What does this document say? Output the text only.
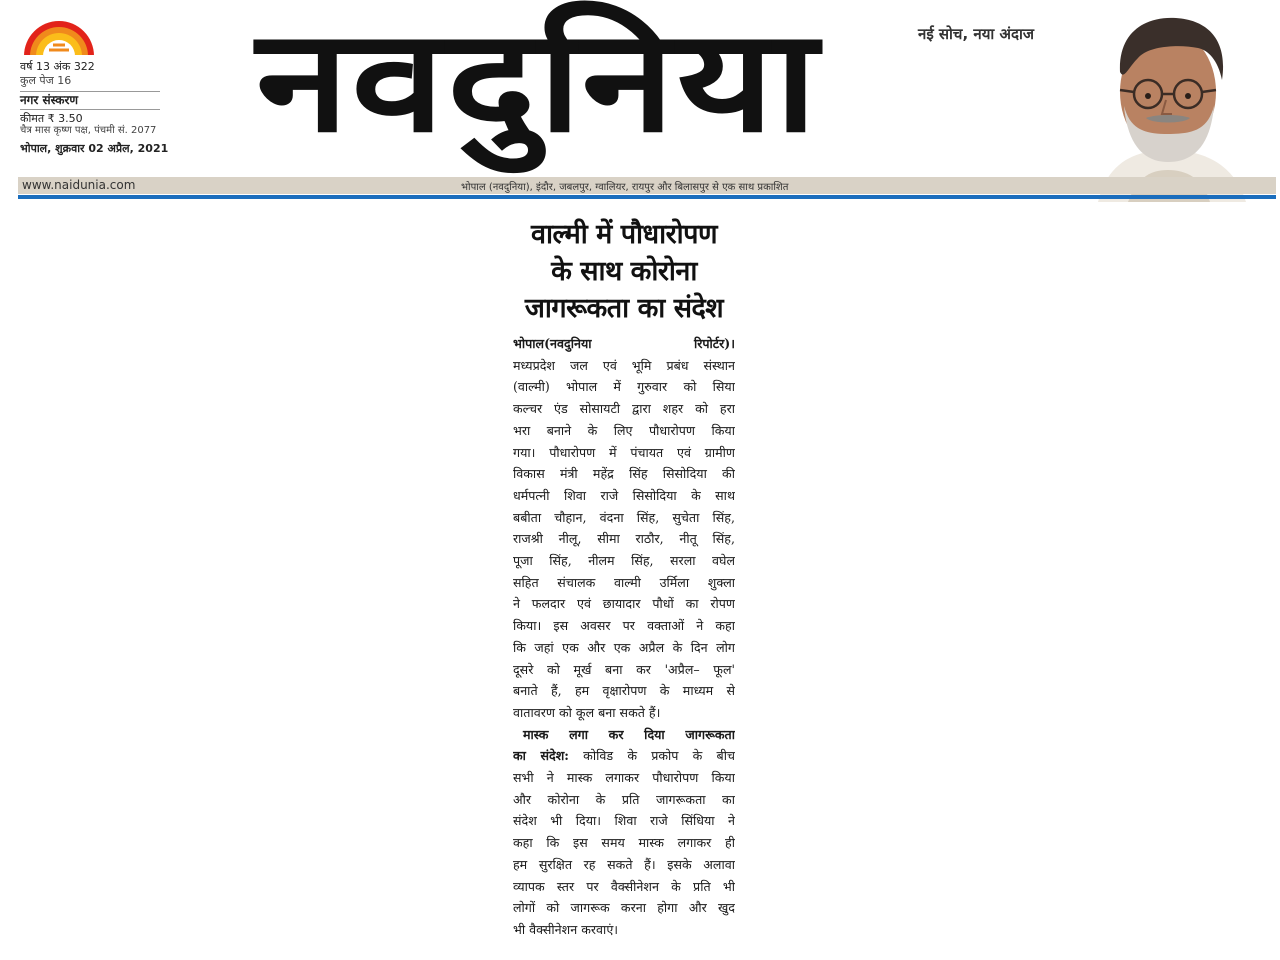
वर्ष 13 अंक 322
कुल पेज 16
नगर संस्करण
कीमत ₹ 3.50
चैत्र मास कृष्ण पक्ष, पंचमी सं. 2077
भोपाल, शुक्रवार 02 अप्रैल, 2021 नवदुनिया	नई सोच, नया अंदाज
www.naidunia.com	भोपाल (नवदुनिया), इंदौर, जबलपुर, ग्वालियर, रायपुर और बिलासपुर से एक साथ प्रकाशित
वाल्मी में पौधारोपण
के साथ कोरोना
जागरूकता का संदेश
भोपाल(नवदुनिया रिपोर्टर)।
मध्यप्रदेश जल एवं भूमि प्रबंध संस्थान
(वाल्मी) भोपाल में गुरुवार को सिया
कल्चर एंड सोसायटी द्वारा शहर को हरा
भरा बनाने के लिए पौधारोपण किया
गया। पौधारोपण में पंचायत एवं ग्रामीण
विकास मंत्री महेंद्र सिंह सिसोदिया की
धर्मपत्नी शिवा राजे सिसोदिया के साथ
बबीता चौहान, वंदना सिंह, सुचेता सिंह,
राजश्री नीलू, सीमा राठौर, नीतू सिंह,
पूजा सिंह, नीलम सिंह, सरला वघेल
सहित संचालक वाल्मी उर्मिला शुक्ला
ने फलदार एवं छायादार पौधों का रोपण
किया। इस अवसर पर वक्ताओं ने कहा
कि जहां एक और एक अप्रैल के दिन लोग
दूसरे को मूर्ख बना कर 'अप्रैल– फूल'
बनाते हैं, हम वृक्षारोपण के माध्यम से
वातावरण को कूल बना सकते हैं।
मास्क लगा कर दिया जागरूकता
का संदेश: कोविड के प्रकोप के बीच
सभी ने मास्क लगाकर पौधारोपण किया
और कोरोना के प्रति जागरूकता का
संदेश भी दिया। शिवा राजे सिंधिया ने
कहा कि इस समय मास्क लगाकर ही
हम सुरक्षित रह सकते हैं। इसके अलावा
व्यापक स्तर पर वैक्सीनेशन के प्रति भी
लोगों को जागरूक करना होगा और खुद
भी वैक्सीनेशन करवाएं।
